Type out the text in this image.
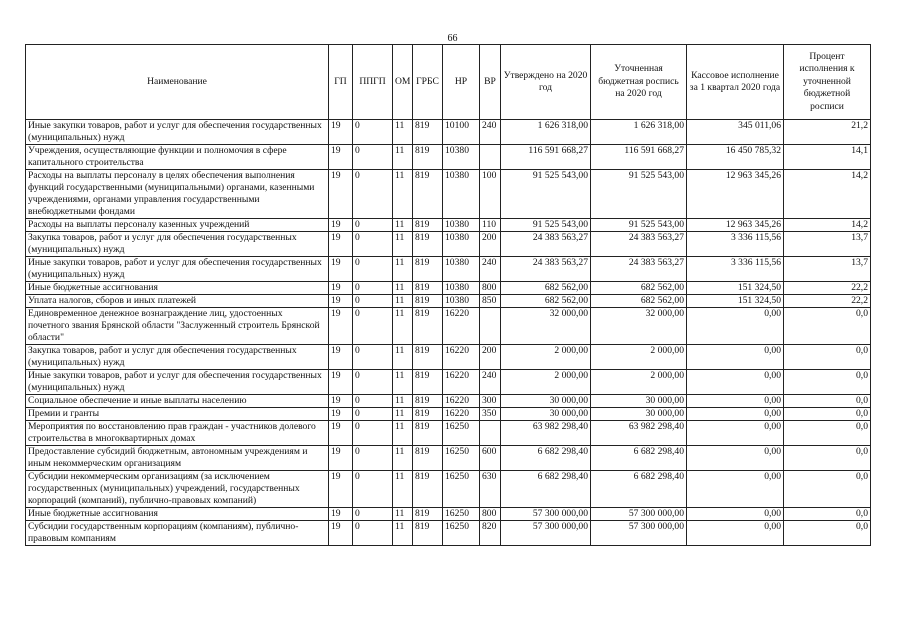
66
Наименование	ГП	ППГП	ОМ	ГРБС	НР	ВР	Утверждено на 2020 год	Уточненная бюджетная роспись на 2020 год	Кассовое исполнение за 1 квартал 2020 года	Процент исполнения к уточненной бюджетной росписи
Иные закупки товаров, работ и услуг для обеспечения государственных (муниципальных) нужд	19	0	11	819	10100	240	1 626 318,00	1 626 318,00	345 011,06	21,2
Учреждения, осуществляющие функции и полномочия в сфере капитального строительства	19	0	11	819	10380		116 591 668,27	116 591 668,27	16 450 785,32	14,1
Расходы на выплаты персоналу в целях обеспечения выполнения функций государственными (муниципальными) органами, казенными учреждениями, органами управления государственными внебюджетными фондами	19	0	11	819	10380	100	91 525 543,00	91 525 543,00	12 963 345,26	14,2
Расходы на выплаты персоналу казенных учреждений	19	0	11	819	10380	110	91 525 543,00	91 525 543,00	12 963 345,26	14,2
Закупка товаров, работ и услуг для обеспечения государственных (муниципальных) нужд	19	0	11	819	10380	200	24 383 563,27	24 383 563,27	3 336 115,56	13,7
Иные закупки товаров, работ и услуг для обеспечения государственных (муниципальных) нужд	19	0	11	819	10380	240	24 383 563,27	24 383 563,27	3 336 115,56	13,7
Иные бюджетные ассигнования	19	0	11	819	10380	800	682 562,00	682 562,00	151 324,50	22,2
Уплата налогов, сборов и иных платежей	19	0	11	819	10380	850	682 562,00	682 562,00	151 324,50	22,2
Единовременное денежное вознаграждение лиц, удостоенных почетного звания Брянской области "Заслуженный строитель Брянской области"	19	0	11	819	16220		32 000,00	32 000,00	0,00	0,0
Закупка товаров, работ и услуг для обеспечения государственных (муниципальных) нужд	19	0	11	819	16220	200	2 000,00	2 000,00	0,00	0,0
Иные закупки товаров, работ и услуг для обеспечения государственных (муниципальных) нужд	19	0	11	819	16220	240	2 000,00	2 000,00	0,00	0,0
Социальное обеспечение и иные выплаты населению	19	0	11	819	16220	300	30 000,00	30 000,00	0,00	0,0
Премии и гранты	19	0	11	819	16220	350	30 000,00	30 000,00	0,00	0,0
Мероприятия по восстановлению прав граждан - участников долевого строительства в многоквартирных домах	19	0	11	819	16250		63 982 298,40	63 982 298,40	0,00	0,0
Предоставление субсидий бюджетным, автономным учреждениям и иным некоммерческим организациям	19	0	11	819	16250	600	6 682 298,40	6 682 298,40	0,00	0,0
Субсидии некоммерческим организациям (за исключением государственных (муниципальных) учреждений, государственных корпораций (компаний), публично-правовых компаний)	19	0	11	819	16250	630	6 682 298,40	6 682 298,40	0,00	0,0
Иные бюджетные ассигнования	19	0	11	819	16250	800	57 300 000,00	57 300 000,00	0,00	0,0
Субсидии государственным корпорациям (компаниям), публично-правовым компаниям	19	0	11	819	16250	820	57 300 000,00	57 300 000,00	0,00	0,0
